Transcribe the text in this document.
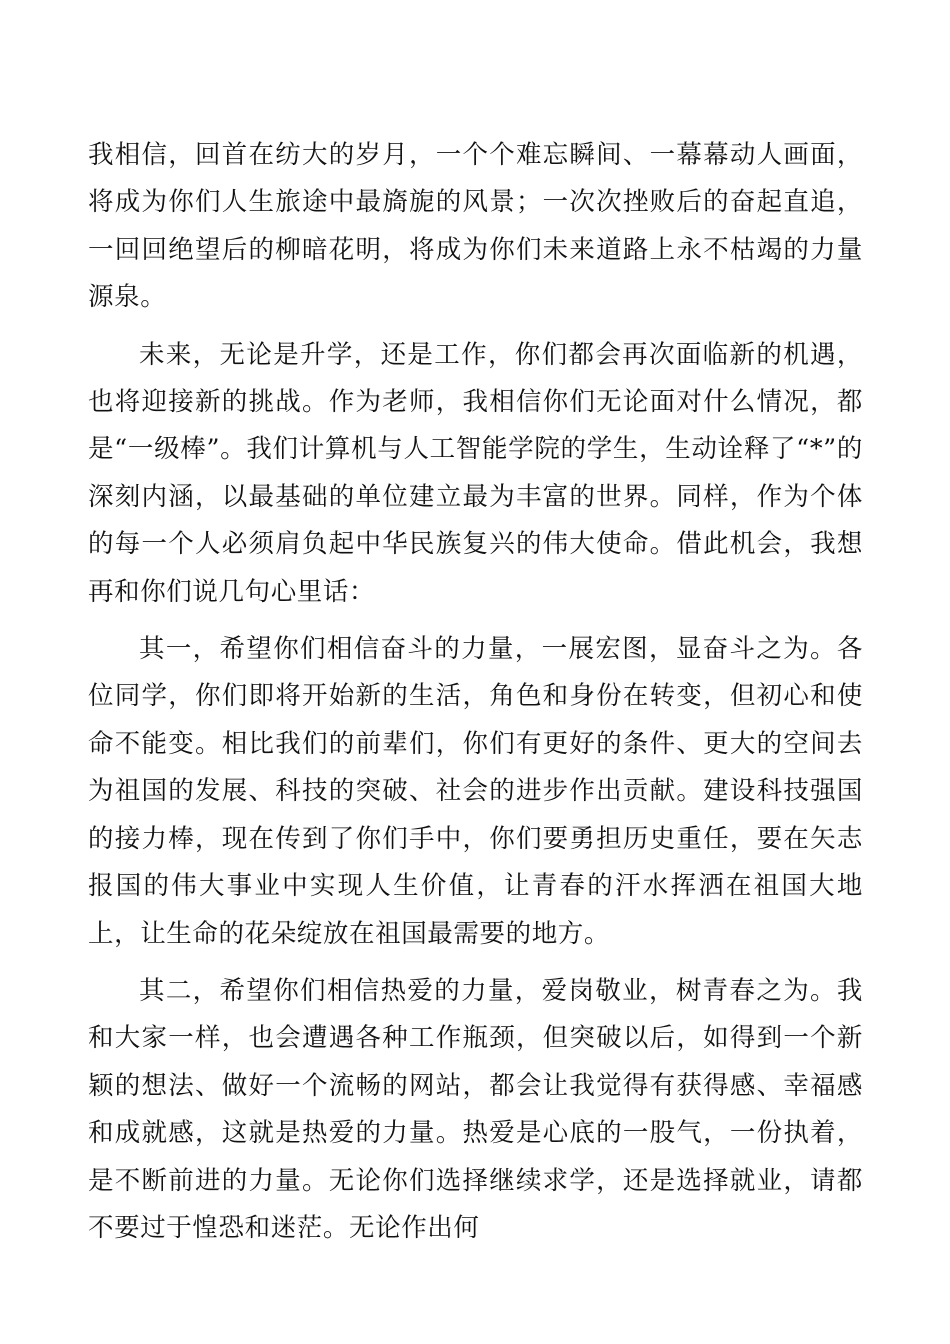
我相信，回首在纺大的岁月，一个个难忘瞬间、一幕幕动人画面，将成为你们人生旅途中最旖旎的风景；一次次挫败后的奋起直追，一回回绝望后的柳暗花明，将成为你们未来道路上永不枯竭的力量源泉。

未来，无论是升学，还是工作，你们都会再次面临新的机遇，也将迎接新的挑战。作为老师，我相信你们无论面对什么情况，都是“一级棒”。我们计算机与人工智能学院的学生，生动诠释了“*”的深刻内涵，以最基础的单位建立最为丰富的世界。同样，作为个体的每一个人必须肩负起中华民族复兴的伟大使命。借此机会，我想再和你们说几句心里话：

其一，希望你们相信奋斗的力量，一展宏图，显奋斗之为。各位同学，你们即将开始新的生活，角色和身份在转变，但初心和使命不能变。相比我们的前辈们，你们有更好的条件、更大的空间去为祖国的发展、科技的突破、社会的进步作出贡献。建设科技强国的接力棒，现在传到了你们手中，你们要勇担历史重任，要在矢志报国的伟大事业中实现人生价值，让青春的汗水挥洒在祖国大地上，让生命的花朵绽放在祖国最需要的地方。

其二，希望你们相信热爱的力量，爱岗敬业，树青春之为。我和大家一样，也会遭遇各种工作瓶颈，但突破以后，如得到一个新颖的想法、做好一个流畅的网站，都会让我觉得有获得感、幸福感和成就感，这就是热爱的力量。热爱是心底的一股气，一份执着，是不断前进的力量。无论你们选择继续求学，还是选择就业，请都不要过于惶恐和迷茫。无论作出何
